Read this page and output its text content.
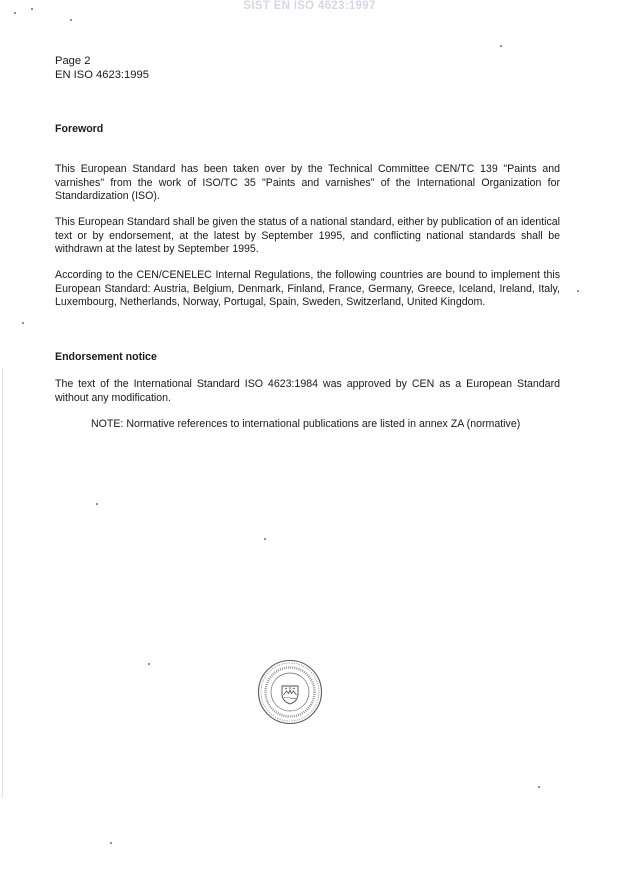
SIST EN ISO 4623:1997
Page 2
EN ISO 4623:1995
Foreword
This European Standard has been taken over by the Technical Committee CEN/TC 139 "Paints and varnishes" from the work of ISO/TC 35 "Paints and varnishes" of the International Organization for Standardization (ISO).
This European Standard shall be given the status of a national standard, either by publication of an identical text or by endorsement, at the latest by September 1995, and conflicting national standards shall be withdrawn at the latest by September 1995.
According to the CEN/CENELEC Internal Regulations, the following countries are bound to implement this European Standard: Austria, Belgium, Denmark, Finland, France, Germany, Greece, Iceland, Ireland, Italy, Luxembourg, Netherlands, Norway, Portugal, Spain, Sweden, Switzerland, United Kingdom.
Endorsement notice
The text of the International Standard ISO 4623:1984 was approved by CEN as a European Standard without any modification.
NOTE: Normative references to international publications are listed in annex ZA (normative)
